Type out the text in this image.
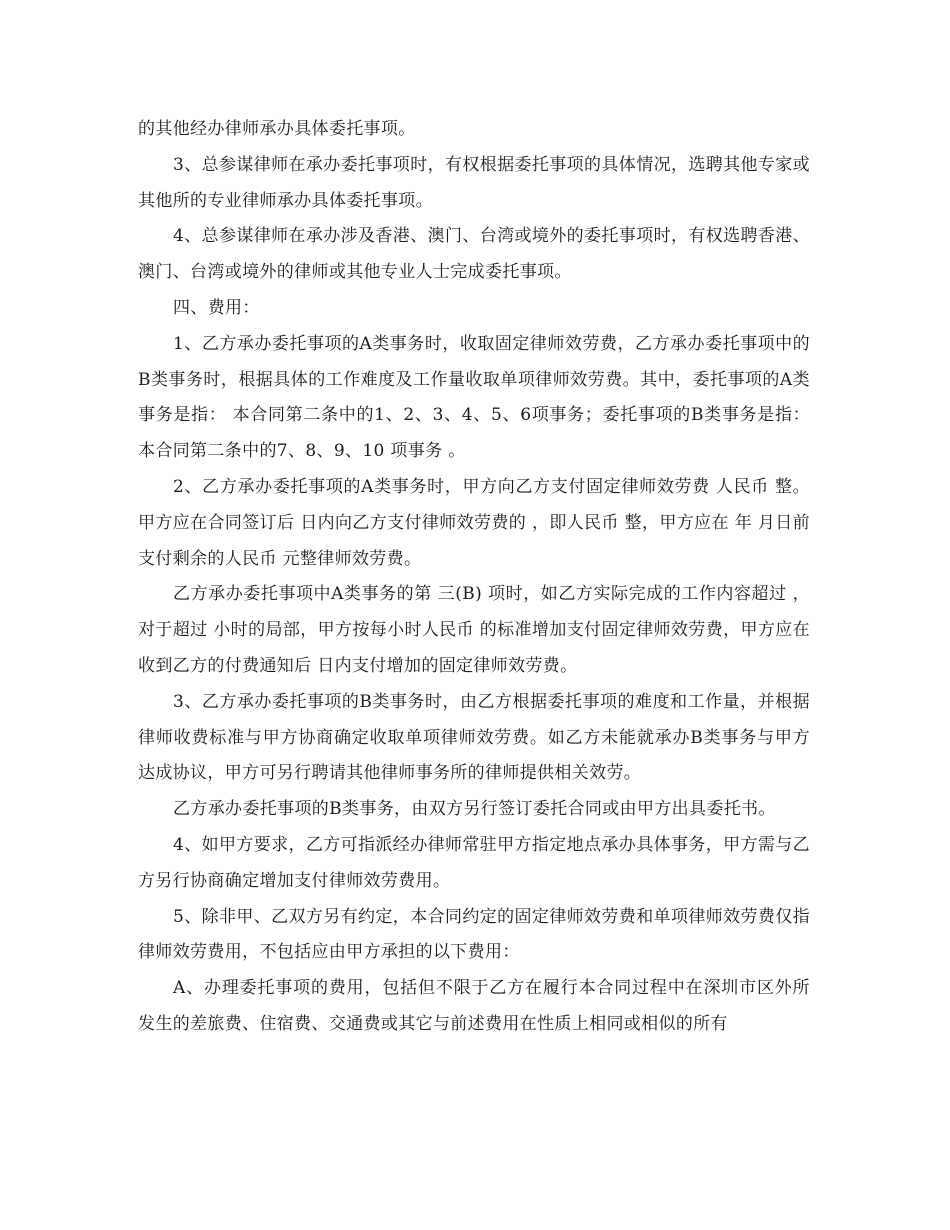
的其他经办律师承办具体委托事项。

3、总参谋律师在承办委托事项时，有权根据委托事项的具体情况，选聘其他专家或其他所的专业律师承办具体委托事项。

4、总参谋律师在承办涉及香港、澳门、台湾或境外的委托事项时，有权选聘香港、澳门、台湾或境外的律师或其他专业人士完成委托事项。

四、费用：

1、乙方承办委托事项的A类事务时，收取固定律师效劳费，乙方承办委托事项中的B类事务时，根据具体的工作难度及工作量收取单项律师效劳费。其中，委托事项的A类事务是指： 本合同第二条中的1、2、3、4、5、6项事务；委托事项的B类事务是指： 本合同第二条中的7、8、9、10 项事务 。

2、乙方承办委托事项的A类事务时，甲方向乙方支付固定律师效劳费 人民币 整。甲方应在合同签订后 日内向乙方支付律师效劳费的 ，即人民币 整，甲方应在 年 月日前支付剩余的人民币 元整律师效劳费。

乙方承办委托事项中A类事务的第 三(B) 项时，如乙方实际完成的工作内容超过 ，对于超过 小时的局部，甲方按每小时人民币 的标准增加支付固定律师效劳费，甲方应在收到乙方的付费通知后 日内支付增加的固定律师效劳费。

3、乙方承办委托事项的B类事务时，由乙方根据委托事项的难度和工作量，并根据律师收费标准与甲方协商确定收取单项律师效劳费。如乙方未能就承办B类事务与甲方达成协议，甲方可另行聘请其他律师事务所的律师提供相关效劳。

乙方承办委托事项的B类事务，由双方另行签订委托合同或由甲方出具委托书。

4、如甲方要求，乙方可指派经办律师常驻甲方指定地点承办具体事务，甲方需与乙方另行协商确定增加支付律师效劳费用。

5、除非甲、乙双方另有约定，本合同约定的固定律师效劳费和单项律师效劳费仅指律师效劳费用，不包括应由甲方承担的以下费用：

A、办理委托事项的费用，包括但不限于乙方在履行本合同过程中在深圳市区外所发生的差旅费、住宿费、交通费或其它与前述费用在性质上相同或相似的所有
